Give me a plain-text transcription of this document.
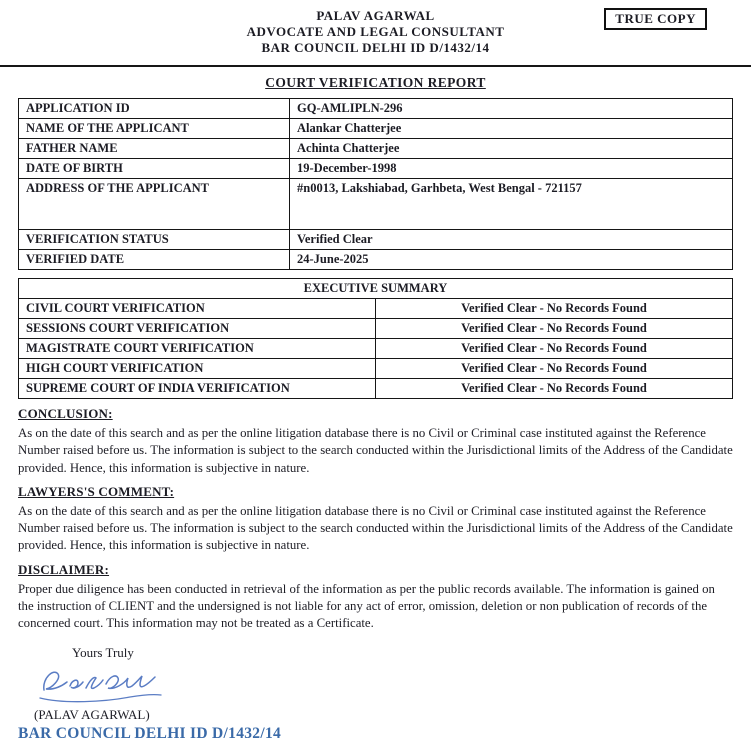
TRUE COPY
PALAV AGARWAL
ADVOCATE AND LEGAL CONSULTANT
BAR COUNCIL DELHI ID D/1432/14
COURT VERIFICATION REPORT
APPLICATION ID	GQ-AMLIPLN-296
NAME OF THE APPLICANT	Alankar Chatterjee
FATHER NAME	Achinta Chatterjee
DATE OF BIRTH	19-December-1998
ADDRESS OF THE APPLICANT	#n0013, Lakshiabad, Garhbeta, West Bengal - 721157
VERIFICATION STATUS	Verified Clear
VERIFIED DATE	24-June-2025
EXECUTIVE SUMMARY	
CIVIL COURT VERIFICATION	Verified Clear - No Records Found
SESSIONS COURT VERIFICATION	Verified Clear - No Records Found
MAGISTRATE COURT VERIFICATION	Verified Clear - No Records Found
HIGH COURT VERIFICATION	Verified Clear - No Records Found
SUPREME COURT OF INDIA VERIFICATION	Verified Clear - No Records Found
CONCLUSION:

As on the date of this search and as per the online litigation database there is no Civil or Criminal case instituted against the Reference Number raised before us. The information is subject to the search conducted within the Jurisdictional limits of the Address of the Candidate provided. Hence, this information is subjective in nature.

LAWYERS'S COMMENT:

As on the date of this search and as per the online litigation database there is no Civil or Criminal case instituted against the Reference Number raised before us. The information is subject to the search conducted within the Jurisdictional limits of the Address of the Candidate provided. Hence, this information is subjective in nature.

DISCLAIMER:

Proper due diligence has been conducted in retrieval of the information as per the public records available. The information is gained on the instruction of CLIENT and the undersigned is not liable for any act of error, omission, deletion or non publication of records of the concerned court. This information may not be treated as a Certificate.

Yours Truly
(PALAV AGARWAL)
BAR COUNCIL DELHI ID D/1432/14
